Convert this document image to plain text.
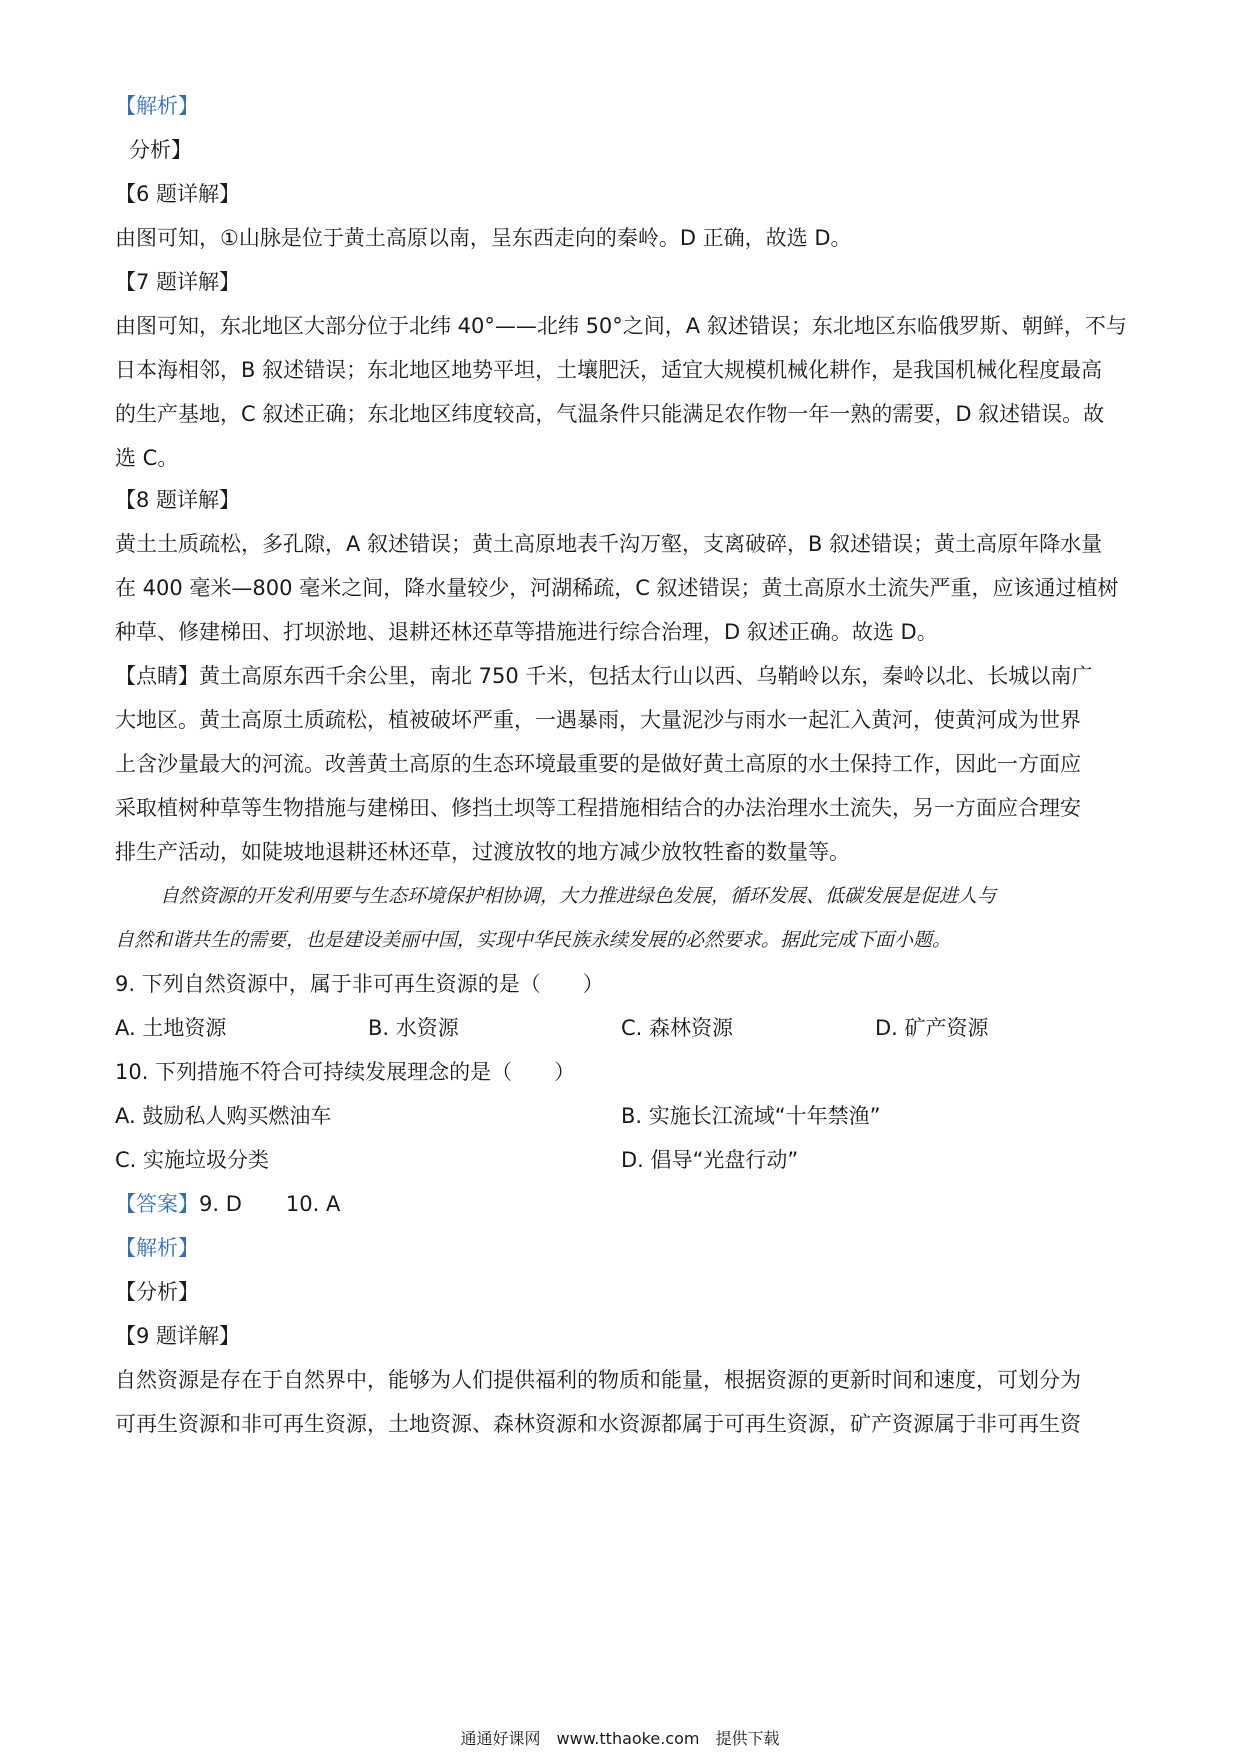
【解析】
分析】
【6 题详解】
由图可知，①山脉是位于黄土高原以南，呈东西走向的秦岭。D 正确，故选 D。
【7 题详解】
由图可知，东北地区大部分位于北纬 40°——北纬 50°之间，A 叙述错误；东北地区东临俄罗斯、朝鲜，不与
日本海相邻，B 叙述错误；东北地区地势平坦，土壤肥沃，适宜大规模机械化耕作，是我国机械化程度最高
的生产基地，C 叙述正确；东北地区纬度较高，气温条件只能满足农作物一年一熟的需要，D 叙述错误。故
选 C。
【8 题详解】
黄土土质疏松，多孔隙，A 叙述错误；黄土高原地表千沟万壑，支离破碎，B 叙述错误；黄土高原年降水量
在 400 毫米—800 毫米之间，降水量较少，河湖稀疏，C 叙述错误；黄土高原水土流失严重，应该通过植树
种草、修建梯田、打坝淤地、退耕还林还草等措施进行综合治理，D 叙述正确。故选 D。
【点睛】黄土高原东西千余公里，南北 750 千米，包括太行山以西、乌鞘岭以东，秦岭以北、长城以南广
大地区。黄土高原土质疏松，植被破坏严重，一遇暴雨，大量泥沙与雨水一起汇入黄河，使黄河成为世界
上含沙量最大的河流。改善黄土高原的生态环境最重要的是做好黄土高原的水土保持工作，因此一方面应
采取植树种草等生物措施与建梯田、修挡土坝等工程措施相结合的办法治理水土流失，另一方面应合理安
排生产活动，如陡坡地退耕还林还草，过渡放牧的地方减少放牧牲畜的数量等。
自然资源的开发利用要与生态环境保护相协调，大力推进绿色发展，循环发展、低碳发展是促进人与
自然和谐共生的需要，也是建设美丽中国，实现中华民族永续发展的必然要求。据此完成下面小题。
9. 下列自然资源中，属于非可再生资源的是（　　）
A. 土地资源	B. 水资源	C. 森林资源	D. 矿产资源
10. 下列措施不符合可持续发展理念的是（　　）
A. 鼓励私人购买燃油车	B. 实施长江流域“十年禁渔”
C. 实施垃圾分类	D. 倡导“光盘行动”
【答案】9. D 10. A
【解析】
【分析】
【9 题详解】
自然资源是存在于自然界中，能够为人们提供福利的物质和能量，根据资源的更新时间和速度，可划分为
可再生资源和非可再生资源，土地资源、森林资源和水资源都属于可再生资源，矿产资源属于非可再生资
通通好课网　www.tthaoke.com　提供下载
